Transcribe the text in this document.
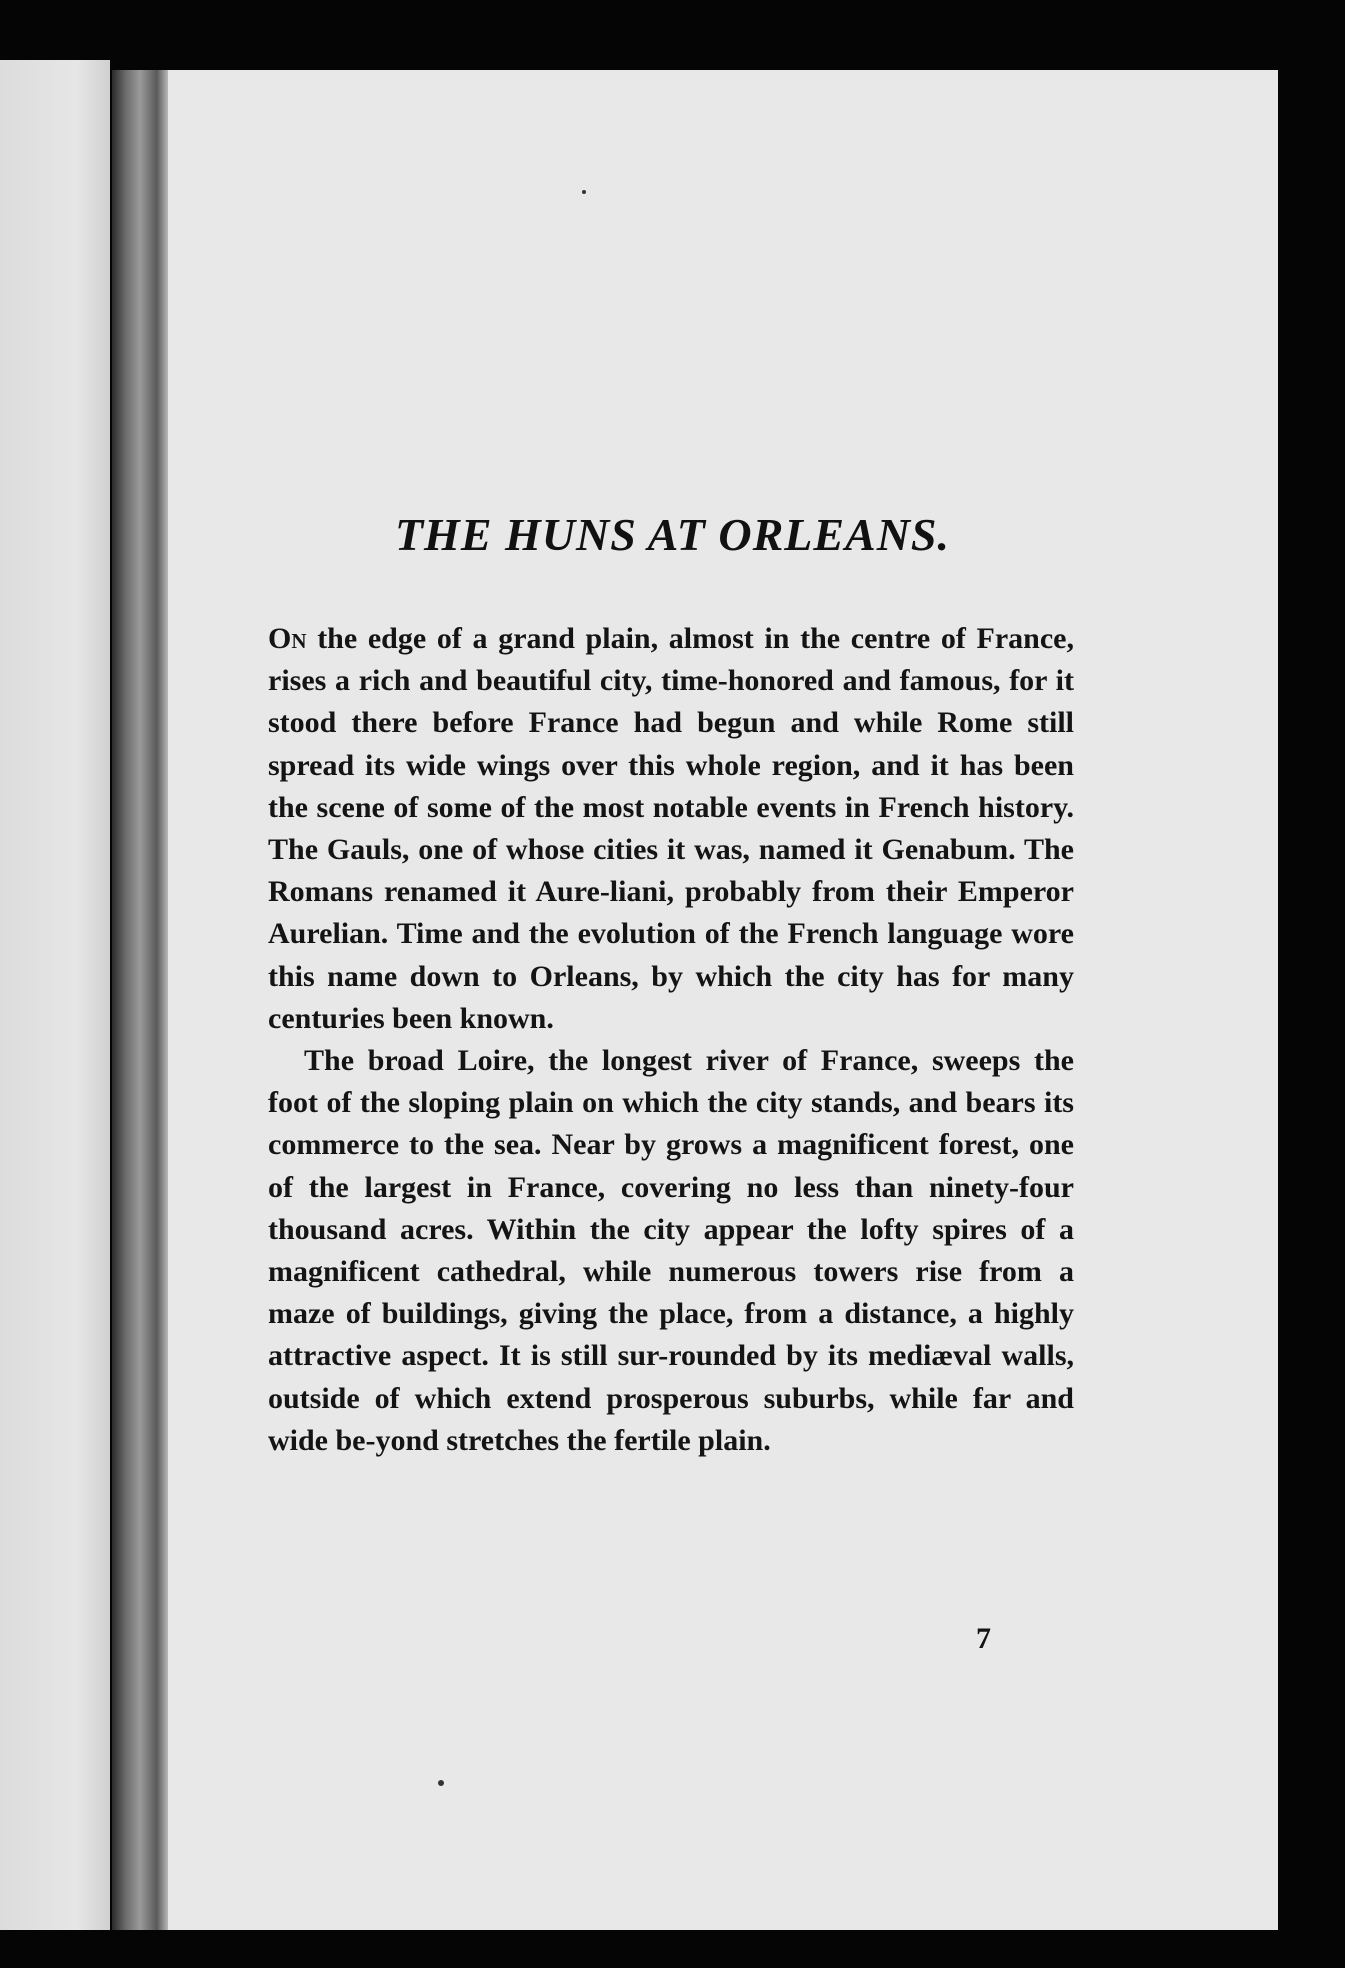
THE HUNS AT ORLEANS.

On the edge of a grand plain, almost in the centre of France, rises a rich and beautiful city, time-honored and famous, for it stood there before France had begun and while Rome still spread its wide wings over this whole region, and it has been the scene of some of the most notable events in French history. The Gauls, one of whose cities it was, named it Genabum. The Romans renamed it Aure-liani, probably from their Emperor Aurelian. Time and the evolution of the French language wore this name down to Orleans, by which the city has for many centuries been known.

The broad Loire, the longest river of France, sweeps the foot of the sloping plain on which the city stands, and bears its commerce to the sea. Near by grows a magnificent forest, one of the largest in France, covering no less than ninety-four thousand acres. Within the city appear the lofty spires of a magnificent cathedral, while numerous towers rise from a maze of buildings, giving the place, from a distance, a highly attractive aspect. It is still sur-rounded by its mediæval walls, outside of which extend prosperous suburbs, while far and wide be-yond stretches the fertile plain.

7
